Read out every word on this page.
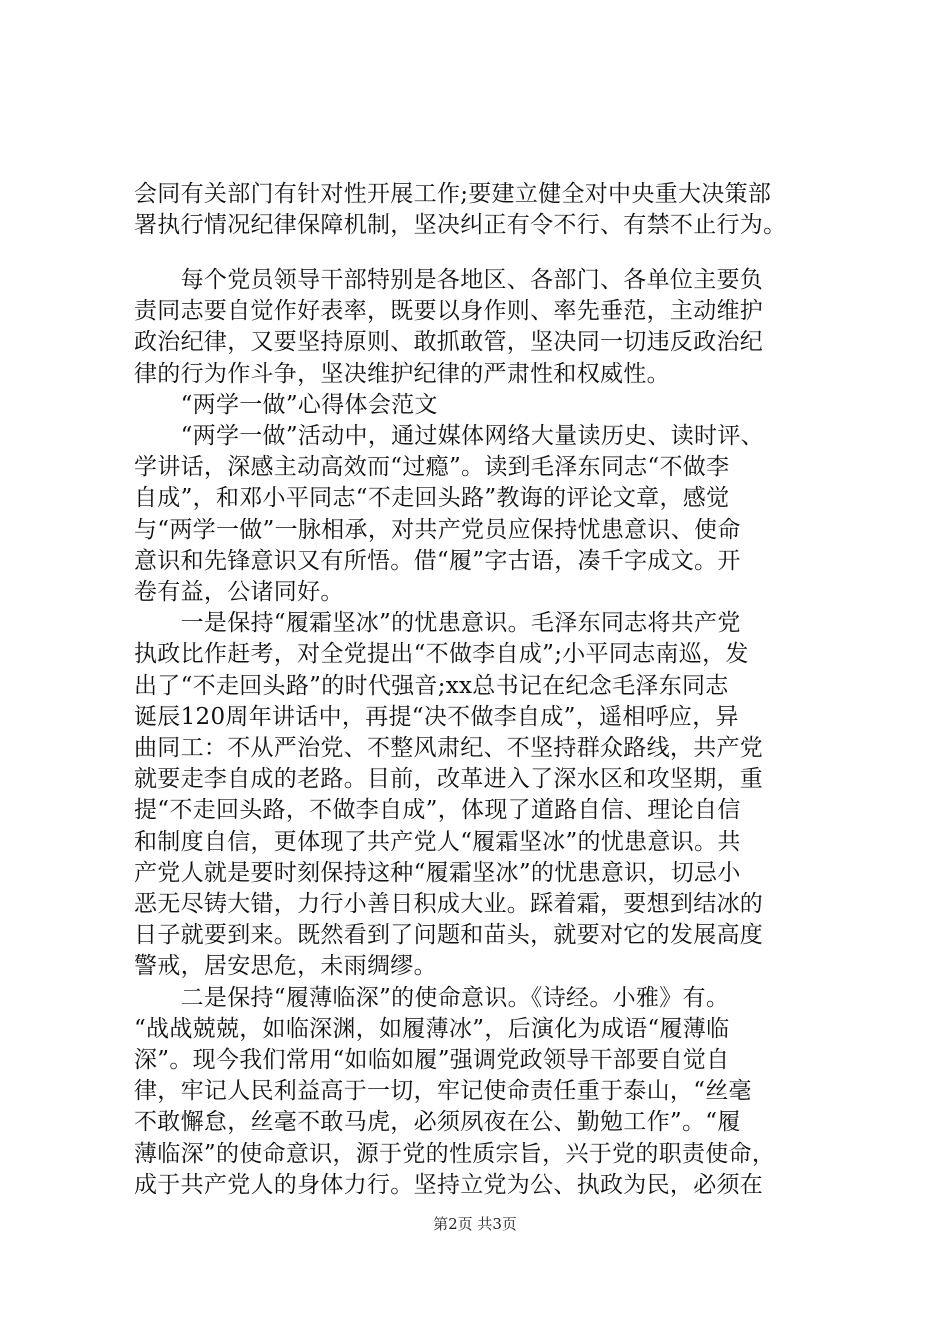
会同有关部门有针对性开展工作;要建立健全对中央重大决策部
署执行情况纪律保障机制，坚决纠正有令不行、有禁不止行为。
　　每个党员领导干部特别是各地区、各部门、各单位主要负
责同志要自觉作好表率，既要以身作则、率先垂范，主动维护
政治纪律，又要坚持原则、敢抓敢管，坚决同一切违反政治纪
律的行为作斗争，坚决维护纪律的严肃性和权威性。
　　“两学一做”心得体会范文
　　“两学一做”活动中，通过媒体网络大量读历史、读时评、
学讲话，深感主动高效而“过瘾”。读到毛泽东同志“不做李
自成”，和邓小平同志“不走回头路”教诲的评论文章，感觉
与“两学一做”一脉相承，对共产党员应保持忧患意识、使命
意识和先锋意识又有所悟。借“履”字古语，凑千字成文。开
卷有益，公诸同好。
　　一是保持“履霜坚冰”的忧患意识。毛泽东同志将共产党
执政比作赶考，对全党提出“不做李自成”;小平同志南巡，发
出了“不走回头路”的时代强音;xx总书记在纪念毛泽东同志
诞辰120周年讲话中，再提“决不做李自成”，遥相呼应，异
曲同工：不从严治党、不整风肃纪、不坚持群众路线，共产党
就要走李自成的老路。目前，改革进入了深水区和攻坚期，重
提“不走回头路，不做李自成”，体现了道路自信、理论自信
和制度自信，更体现了共产党人“履霜坚冰”的忧患意识。共
产党人就是要时刻保持这种“履霜坚冰”的忧患意识，切忌小
恶无尽铸大错，力行小善日积成大业。踩着霜，要想到结冰的
日子就要到来。既然看到了问题和苗头，就要对它的发展高度
警戒，居安思危，未雨绸缪。
　　二是保持“履薄临深”的使命意识。《诗经。小雅》有。
“战战兢兢，如临深渊，如履薄冰”，后演化为成语“履薄临
深”。现今我们常用“如临如履”强调党政领导干部要自觉自
律，牢记人民利益高于一切，牢记使命责任重于泰山，“丝毫
不敢懈怠，丝毫不敢马虎，必须夙夜在公、勤勉工作”。“履
薄临深”的使命意识，源于党的性质宗旨，兴于党的职责使命，
成于共产党人的身体力行。坚持立党为公、执政为民，必须在
第2页 共3页
